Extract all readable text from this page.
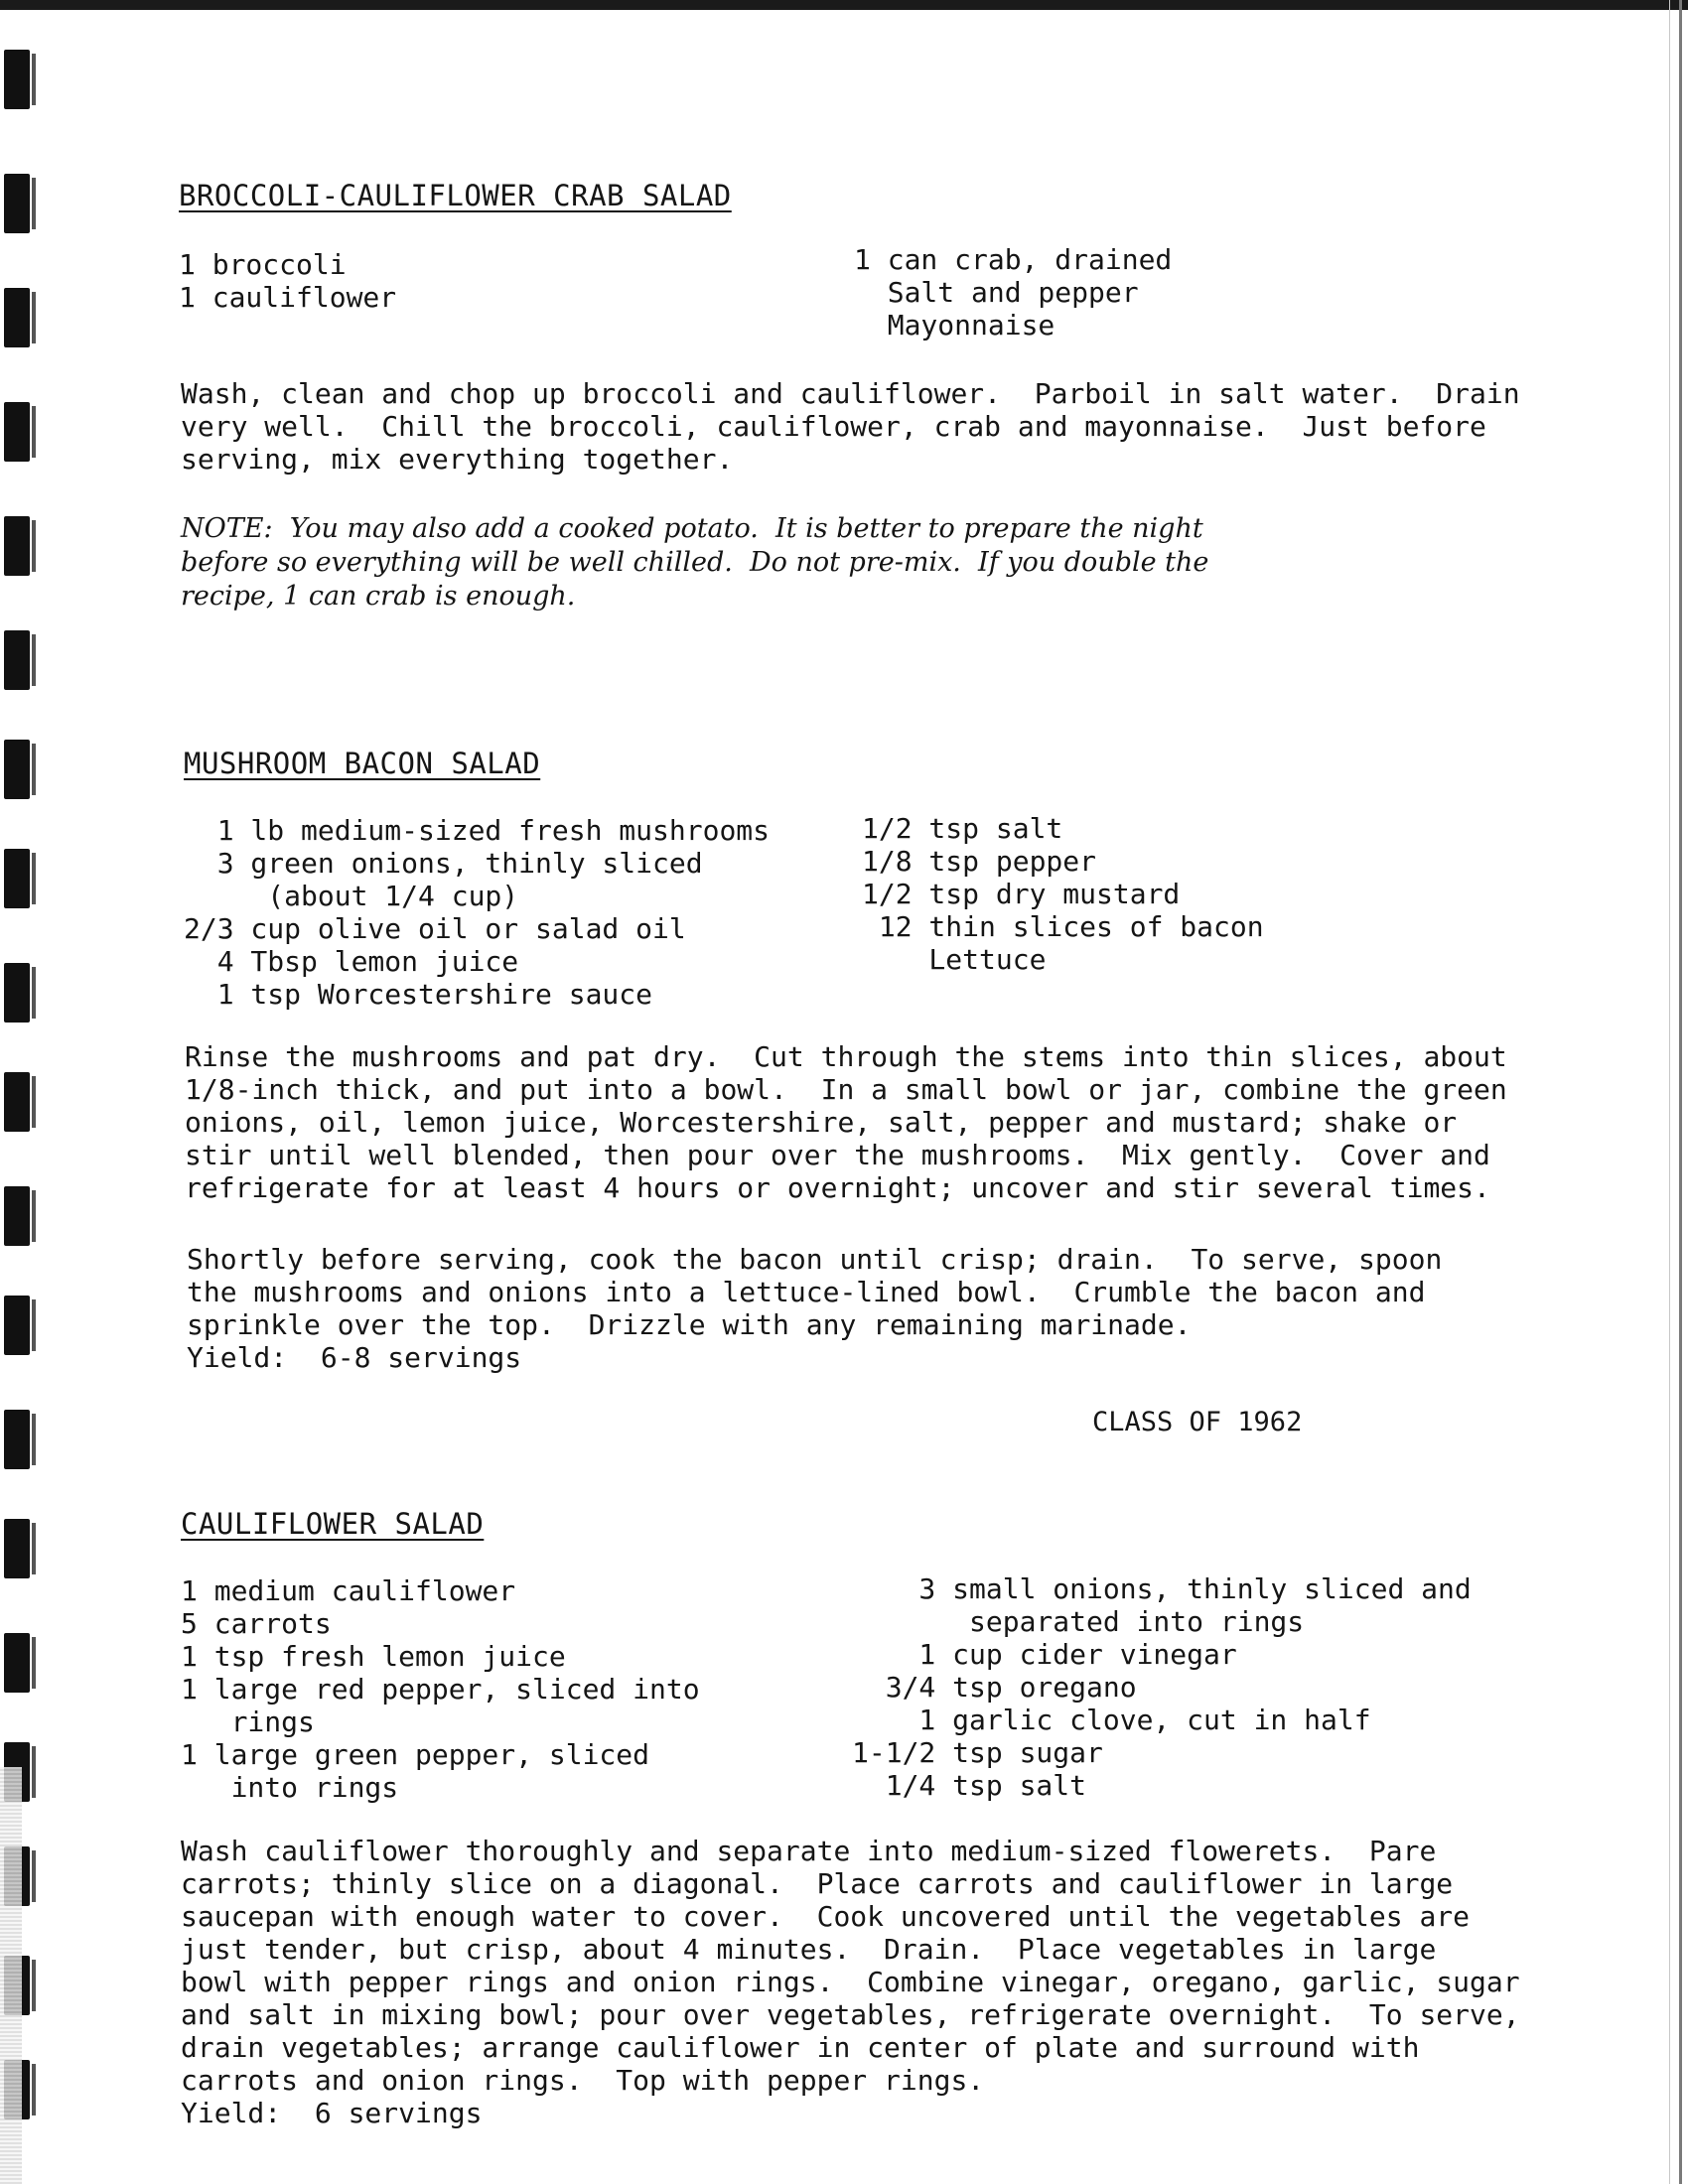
BROCCOLI-CAULIFLOWER CRAB SALAD
1 broccoli
1 cauliflower
1 can crab, drained
Salt and pepper
Mayonnaise
Wash, clean and chop up broccoli and cauliflower.  Parboil in salt water.  Drain
very well.  Chill the broccoli, cauliflower, crab and mayonnaise.  Just before
serving, mix everything together.
NOTE:  You may also add a cooked potato.  It is better to prepare the night
before so everything will be well chilled.  Do not pre-mix.  If you double the
recipe, 1 can crab is enough.
MUSHROOM BACON SALAD
1 lb medium-sized fresh mushrooms
3 green onions, thinly sliced
(about 1/4 cup)
2/3 cup olive oil or salad oil
4 Tbsp lemon juice
1 tsp Worcestershire sauce
1/2 tsp salt
1/8 tsp pepper
1/2 tsp dry mustard
12 thin slices of bacon
Lettuce
Rinse the mushrooms and pat dry.  Cut through the stems into thin slices, about
1/8-inch thick, and put into a bowl.  In a small bowl or jar, combine the green
onions, oil, lemon juice, Worcestershire, salt, pepper and mustard; shake or
stir until well blended, then pour over the mushrooms.  Mix gently.  Cover and
refrigerate for at least 4 hours or overnight; uncover and stir several times.
Shortly before serving, cook the bacon until crisp; drain.  To serve, spoon
the mushrooms and onions into a lettuce-lined bowl.  Crumble the bacon and
sprinkle over the top.  Drizzle with any remaining marinade.
Yield:  6-8 servings
CLASS OF 1962
CAULIFLOWER SALAD
1 medium cauliflower
5 carrots
1 tsp fresh lemon juice
1 large red pepper, sliced into
rings
1 large green pepper, sliced
into rings
3 small onions, thinly sliced and
separated into rings
1 cup cider vinegar
3/4 tsp oregano
1 garlic clove, cut in half
1-1/2 tsp sugar
1/4 tsp salt
Wash cauliflower thoroughly and separate into medium-sized flowerets.  Pare
carrots; thinly slice on a diagonal.  Place carrots and cauliflower in large
saucepan with enough water to cover.  Cook uncovered until the vegetables are
just tender, but crisp, about 4 minutes.  Drain.  Place vegetables in large
bowl with pepper rings and onion rings.  Combine vinegar, oregano, garlic, sugar
and salt in mixing bowl; pour over vegetables, refrigerate overnight.  To serve,
drain vegetables; arrange cauliflower in center of plate and surround with
carrots and onion rings.  Top with pepper rings.
Yield:  6 servings
